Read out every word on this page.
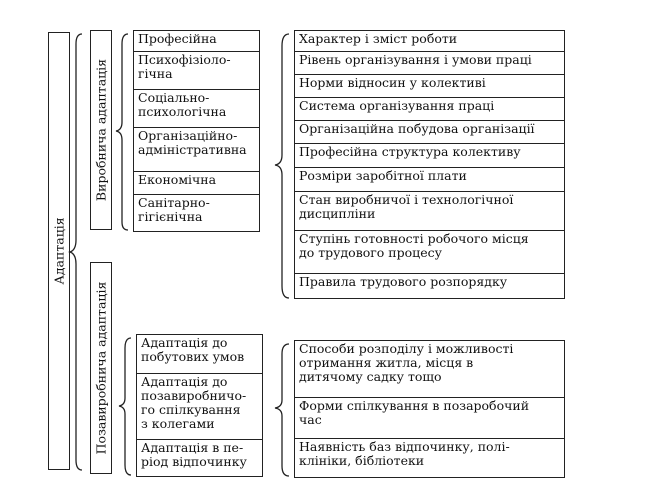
Адаптація
Виробнича адаптація
Позавиробнича адаптація
Професійна
Психофізіоло-
гічна
Соціально-
психологічна
Організаційно-
адміністративна
Економічна
Санітарно-
гігієнічна
Характер і зміст роботи
Рівень організування і умови праці
Норми відносин у колективі
Система організування праці
Організаційна побудова організації
Професійна структура колективу
Розміри заробітної плати
Стан виробничої і технологічної
дисципліни
Ступінь готовності робочого місця
до трудового процесу
Правила трудового розпорядку
Адаптація до
побутових умов
Адаптація до
позавиробничо-
го спілкування
з колегами
Адаптація в пе-
ріод відпочинку
Способи розподілу і можливості
отримання житла, місця в
дитячому садку тощо
Форми спілкування в позаробочий
час
Наявність баз відпочинку, полі-
клініки, бібліотеки
